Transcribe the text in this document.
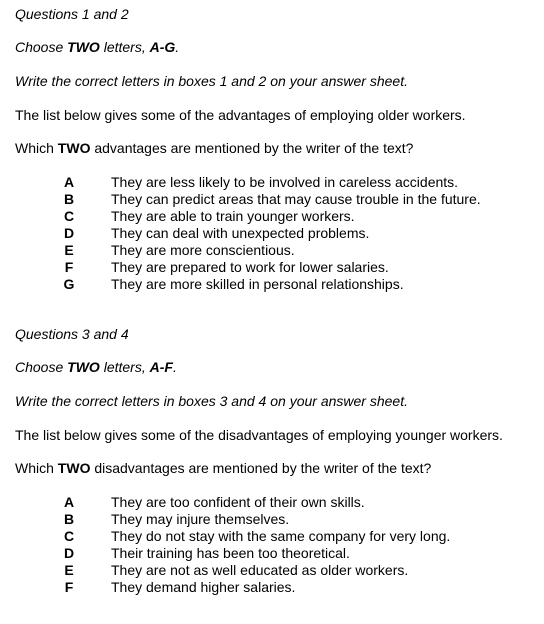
Questions 1 and 2
Choose TWO letters, A-G.
Write the correct letters in boxes 1 and 2 on your answer sheet.
The list below gives some of the advantages of employing older workers.
Which TWO advantages are mentioned by the writer of the text?
A	They are less likely to be involved in careless accidents.
B	They can predict areas that may cause trouble in the future.
C	They are able to train younger workers.
D	They can deal with unexpected problems.
E	They are more conscientious.
F	They are prepared to work for lower salaries.
G	They are more skilled in personal relationships.
Questions 3 and 4
Choose TWO letters, A-F.
Write the correct letters in boxes 3 and 4 on your answer sheet.
The list below gives some of the disadvantages of employing younger workers.
Which TWO disadvantages are mentioned by the writer of the text?
A	They are too confident of their own skills.
B	They may injure themselves.
C	They do not stay with the same company for very long.
D	Their training has been too theoretical.
E	They are not as well educated as older workers.
F	They demand higher salaries.
